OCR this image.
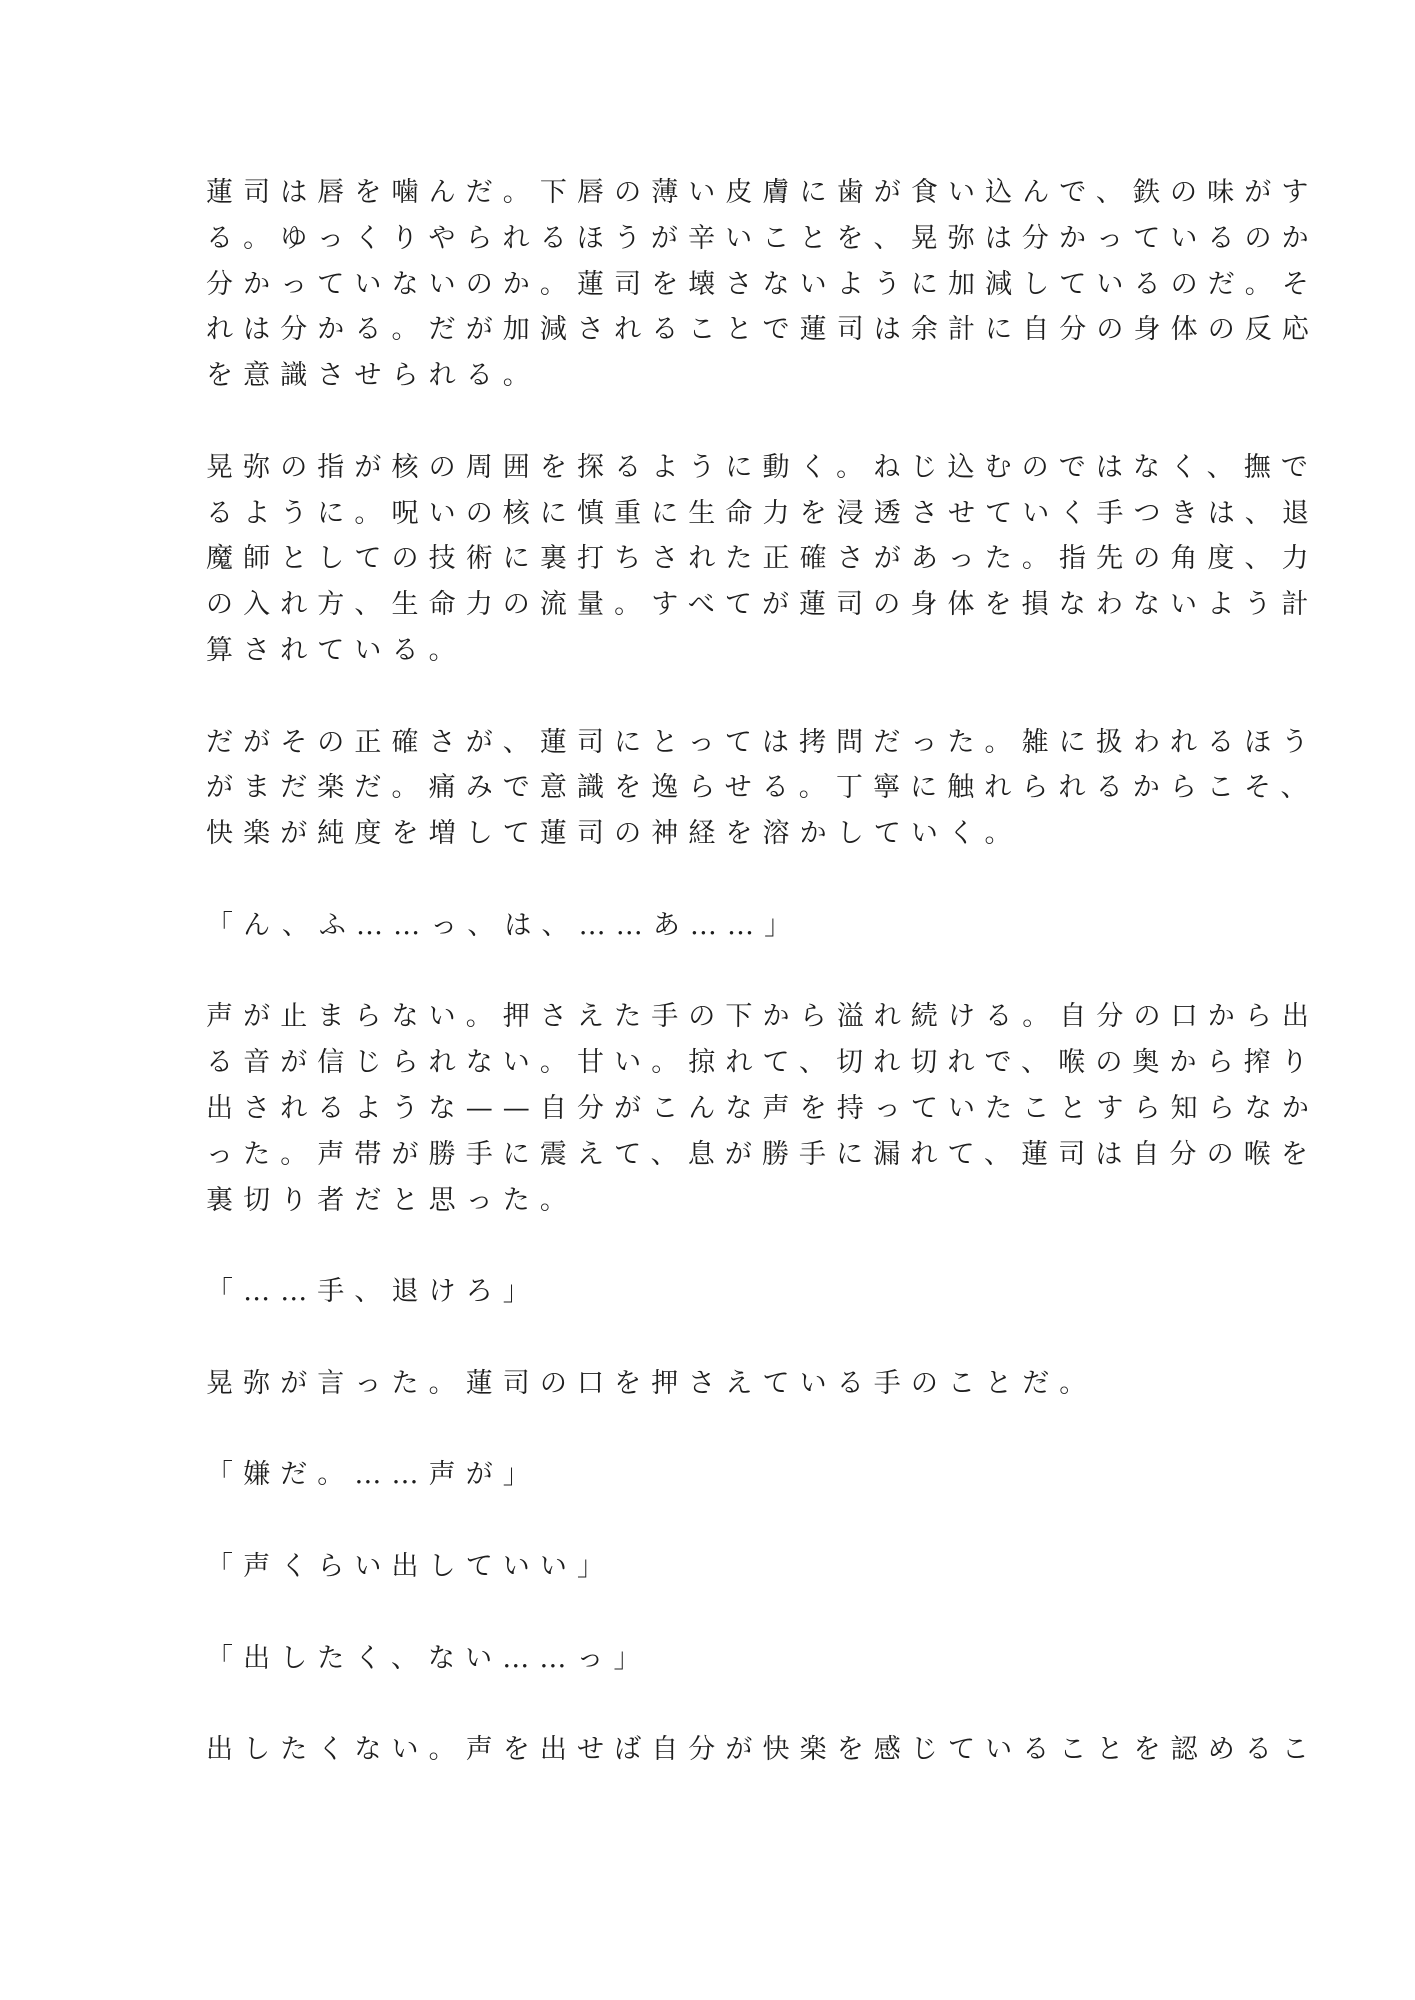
蓮司は唇を噛んだ。下唇の薄い皮膚に歯が食い込んで、鉄の味がす
る。ゆっくりやられるほうが辛いことを、晃弥は分かっているのか
分かっていないのか。蓮司を壊さないように加減しているのだ。そ
れは分かる。だが加減されることで蓮司は余計に自分の身体の反応
を意識させられる。
晃弥の指が核の周囲を探るように動く。ねじ込むのではなく、撫で
るように。呪いの核に慎重に生命力を浸透させていく手つきは、退
魔師としての技術に裏打ちされた正確さがあった。指先の角度、力
の入れ方、生命力の流量。すべてが蓮司の身体を損なわないよう計
算されている。
だがその正確さが、蓮司にとっては拷問だった。雑に扱われるほう
がまだ楽だ。痛みで意識を逸らせる。丁寧に触れられるからこそ、
快楽が純度を増して蓮司の神経を溶かしていく。
「ん、ふ……っ、は、……あ……」
声が止まらない。押さえた手の下から溢れ続ける。自分の口から出
る音が信じられない。甘い。掠れて、切れ切れで、喉の奥から搾り
出されるような——自分がこんな声を持っていたことすら知らなか
った。声帯が勝手に震えて、息が勝手に漏れて、蓮司は自分の喉を
裏切り者だと思った。
「……手、退けろ」
晃弥が言った。蓮司の口を押さえている手のことだ。
「嫌だ。……声が」
「声くらい出していい」
「出したく、ない……っ」
出したくない。声を出せば自分が快楽を感じていることを認めるこ
